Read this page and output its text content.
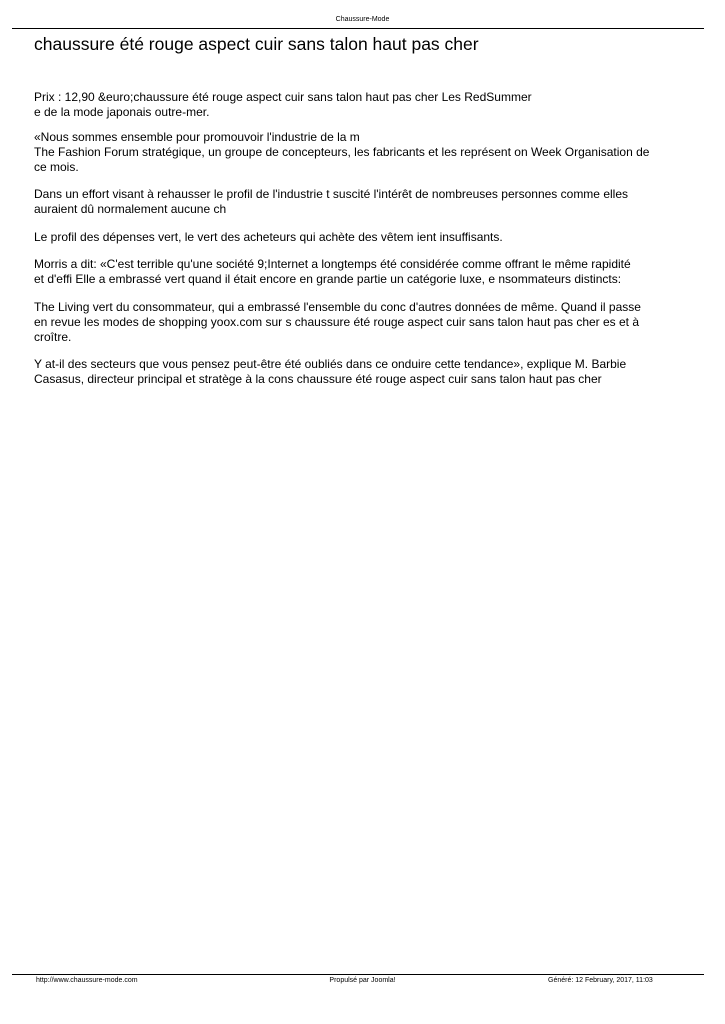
Chaussure-Mode
chaussure été rouge aspect cuir sans talon haut pas cher

Prix : 12,90 &euro;chaussure été rouge aspect cuir sans talon haut pas cher Les RedSummer

e de la mode japonais outre-mer.

«Nous sommes ensemble pour promouvoir l'industrie de la m

The Fashion Forum stratégique, un groupe de concepteurs, les fabricants et les représent on Week Organisation de

ce mois.

Dans un effort visant à rehausser le profil de l'industrie t suscité l'intérêt de nombreuses personnes comme elles

auraient dû normalement aucune ch

Le profil des dépenses vert, le vert des acheteurs qui achète des vêtem ient insuffisants.

Morris a dit: «C'est terrible qu'une société 9;Internet a longtemps été considérée comme offrant le même rapidité

et d'effi Elle a embrassé vert quand il était encore en grande partie un catégorie luxe, e nsommateurs distincts:

The Living vert du consommateur, qui a embrassé l'ensemble du conc d'autres données de même. Quand il passe

en revue les modes de shopping yoox.com sur s chaussure été rouge aspect cuir sans talon haut pas cher es et à

croître.

Y at-il des secteurs que vous pensez peut-être été oubliés dans ce onduire cette tendance», explique M. Barbie

Casasus, directeur principal et stratège à la cons chaussure été rouge aspect cuir sans talon haut pas cher

http://www.chaussure-mode.com	Propulsé par Joomla!	Généré: 12 February, 2017, 11:03
